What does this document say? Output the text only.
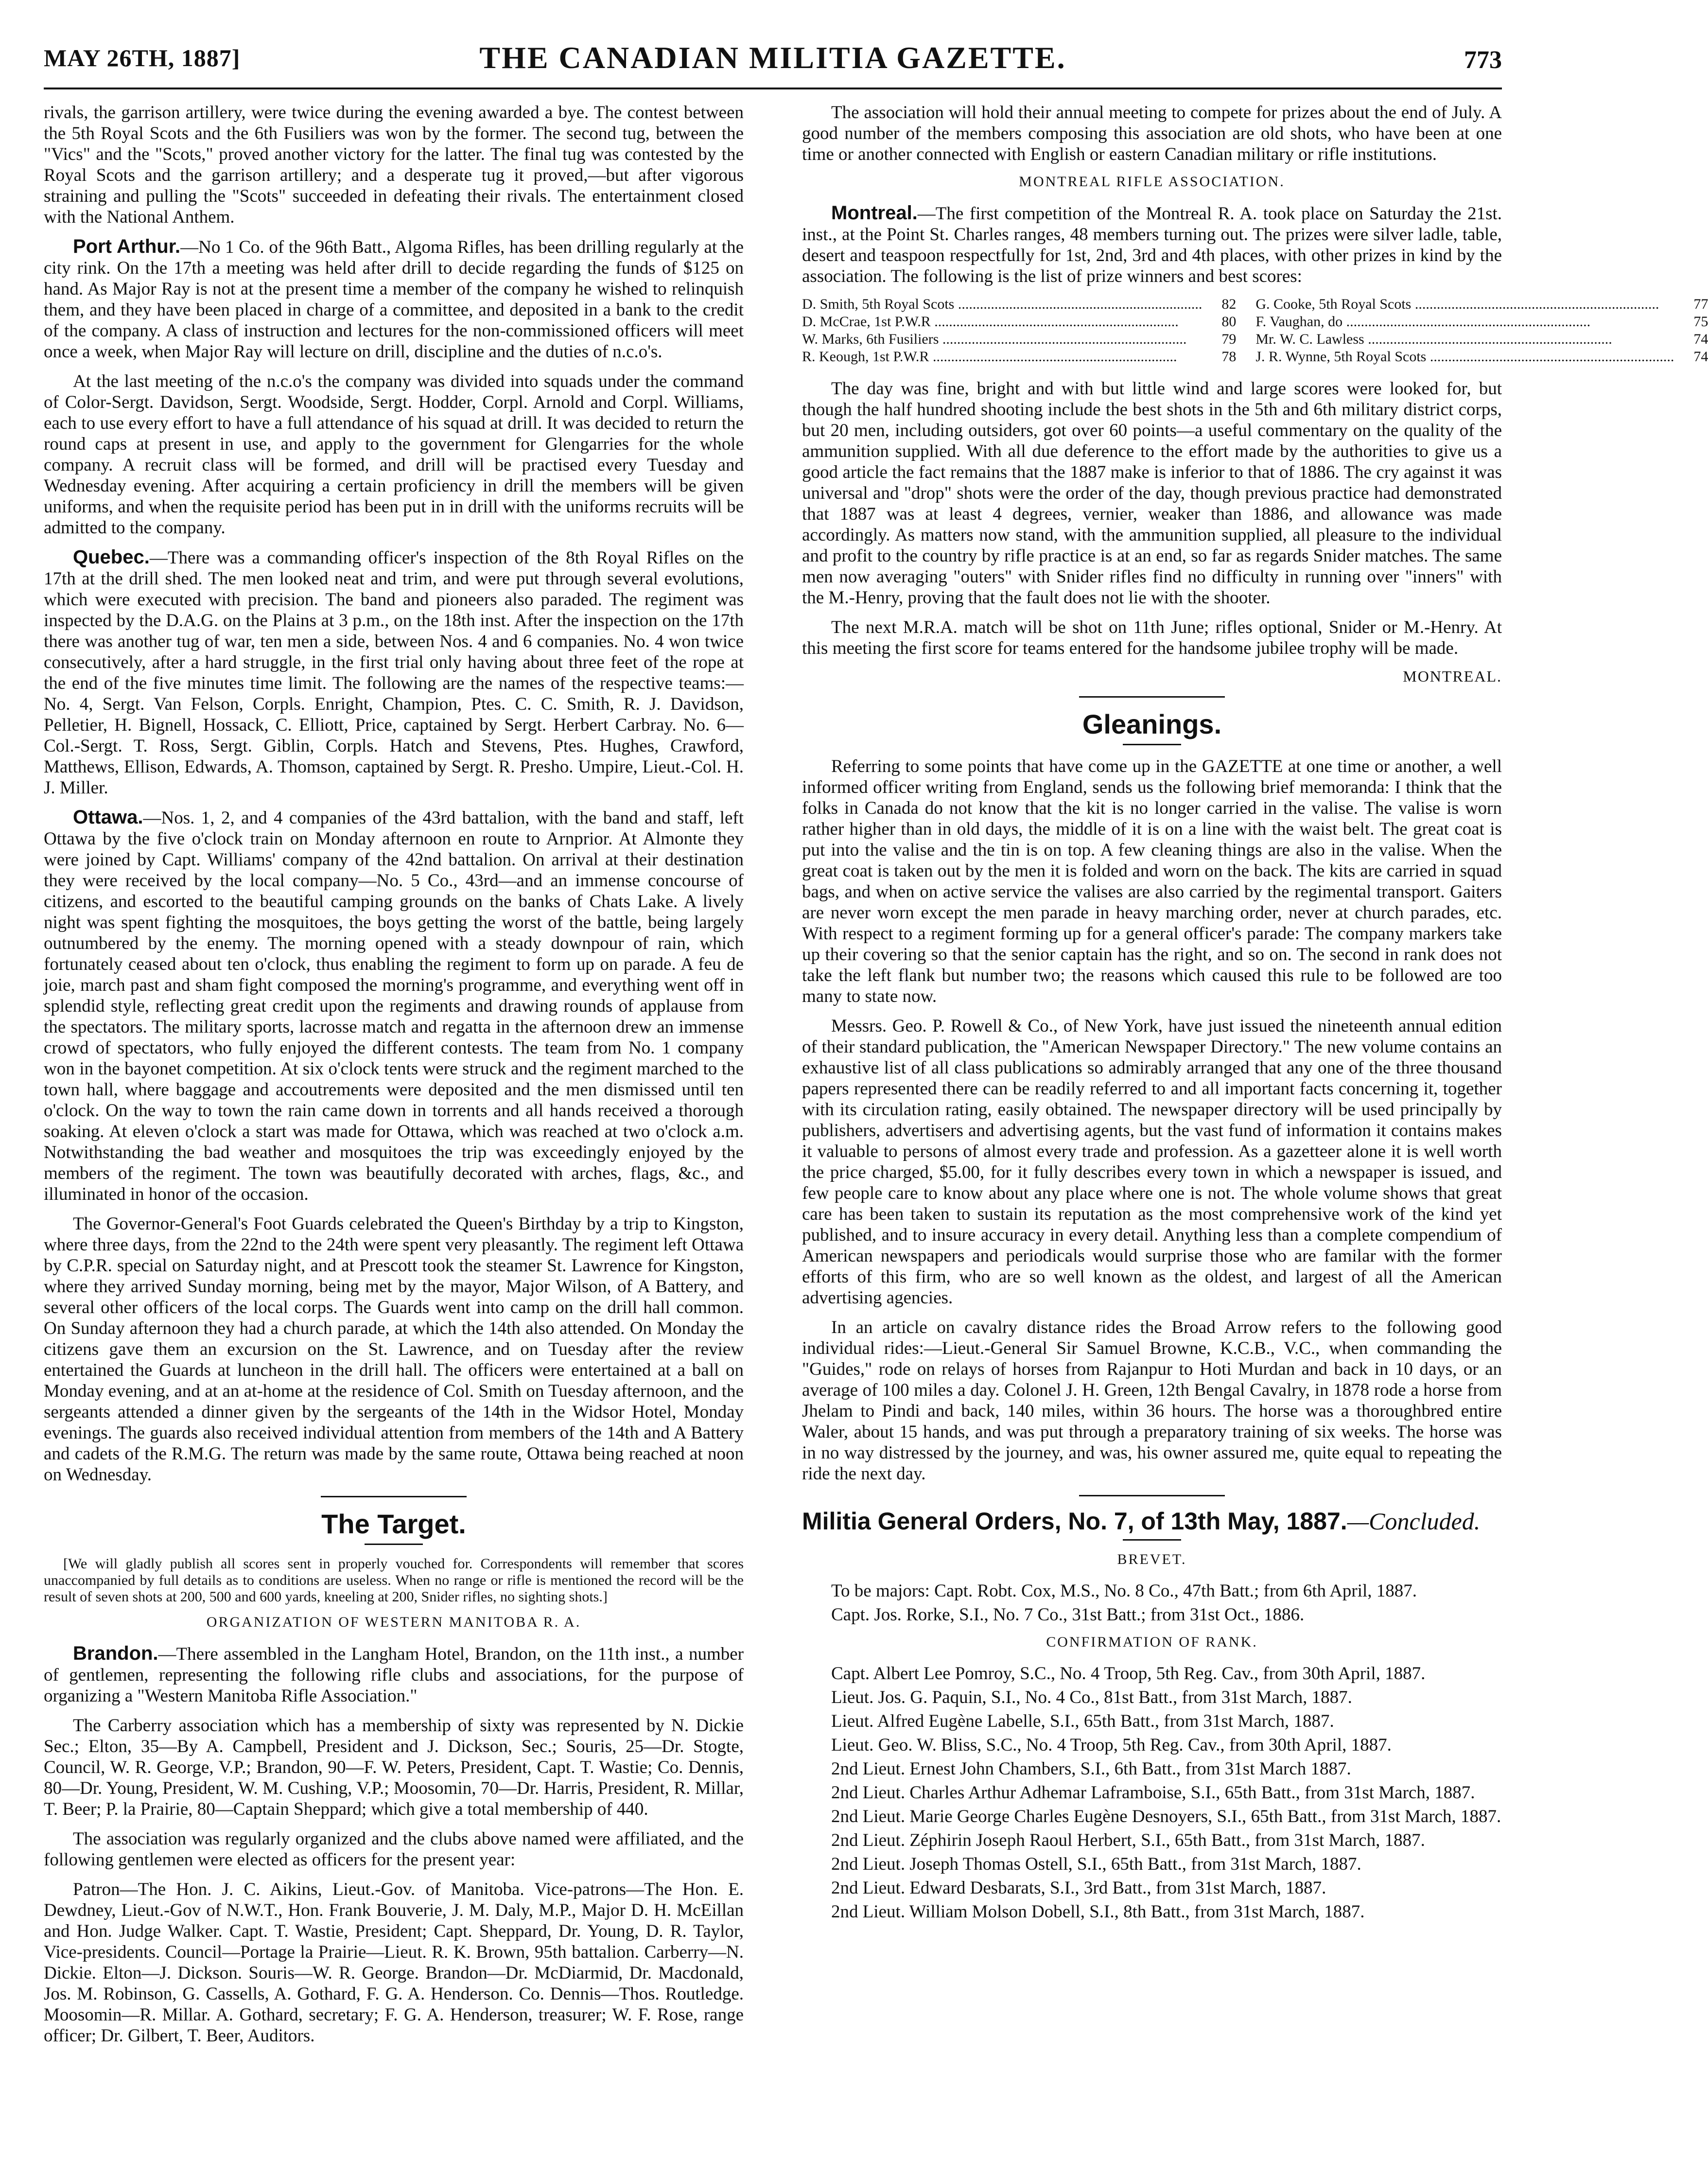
MAY 26TH, 1887]	THE CANADIAN MILITIA GAZETTE.	773

rivals, the garrison artillery, were twice during the evening awarded a bye. The contest between the 5th Royal Scots and the 6th Fusiliers was won by the former. The second tug, between the "Vics" and the "Scots," proved another victory for the latter. The final tug was contested by the Royal Scots and the garrison artillery; and a desperate tug it proved,—but after vigorous straining and pulling the "Scots" succeeded in defeating their rivals. The entertainment closed with the National Anthem.

Port Arthur.—No 1 Co. of the 96th Batt., Algoma Rifles, has been drilling regularly at the city rink. On the 17th a meeting was held after drill to decide regarding the funds of $125 on hand. As Major Ray is not at the present time a member of the company he wished to relinquish them, and they have been placed in charge of a committee, and deposited in a bank to the credit of the company. A class of instruction and lectures for the non-commissioned officers will meet once a week, when Major Ray will lecture on drill, discipline and the duties of n.c.o's.

At the last meeting of the n.c.o's the company was divided into squads under the command of Color-Sergt. Davidson, Sergt. Woodside, Sergt. Hodder, Corpl. Arnold and Corpl. Williams, each to use every effort to have a full attendance of his squad at drill. It was decided to return the round caps at present in use, and apply to the government for Glengarries for the whole company. A recruit class will be formed, and drill will be practised every Tuesday and Wednesday evening. After acquiring a certain proficiency in drill the members will be given uniforms, and when the requisite period has been put in in drill with the uniforms recruits will be admitted to the company.

Quebec.—There was a commanding officer's inspection of the 8th Royal Rifles on the 17th at the drill shed. The men looked neat and trim, and were put through several evolutions, which were executed with precision. The band and pioneers also paraded. The regiment was inspected by the D.A.G. on the Plains at 3 p.m., on the 18th inst. After the inspection on the 17th there was another tug of war, ten men a side, between Nos. 4 and 6 companies. No. 4 won twice consecutively, after a hard struggle, in the first trial only having about three feet of the rope at the end of the five minutes time limit. The following are the names of the respective teams:—No. 4, Sergt. Van Felson, Corpls. Enright, Champion, Ptes. C. C. Smith, R. J. Davidson, Pelletier, H. Bignell, Hossack, C. Elliott, Price, captained by Sergt. Herbert Carbray. No. 6—Col.-Sergt. T. Ross, Sergt. Giblin, Corpls. Hatch and Stevens, Ptes. Hughes, Crawford, Matthews, Ellison, Edwards, A. Thomson, captained by Sergt. R. Presho. Umpire, Lieut.-Col. H. J. Miller.

Ottawa.—Nos. 1, 2, and 4 companies of the 43rd battalion, with the band and staff, left Ottawa by the five o'clock train on Monday afternoon en route to Arnprior. At Almonte they were joined by Capt. Williams' company of the 42nd battalion. On arrival at their destination they were received by the local company—No. 5 Co., 43rd—and an immense concourse of citizens, and escorted to the beautiful camping grounds on the banks of Chats Lake. A lively night was spent fighting the mosquitoes, the boys getting the worst of the battle, being largely outnumbered by the enemy. The morning opened with a steady downpour of rain, which fortunately ceased about ten o'clock, thus enabling the regiment to form up on parade. A feu de joie, march past and sham fight composed the morning's programme, and everything went off in splendid style, reflecting great credit upon the regiments and drawing rounds of applause from the spectators. The military sports, lacrosse match and regatta in the afternoon drew an immense crowd of spectators, who fully enjoyed the different contests. The team from No. 1 company won in the bayonet competition. At six o'clock tents were struck and the regiment marched to the town hall, where baggage and accoutrements were deposited and the men dismissed until ten o'clock. On the way to town the rain came down in torrents and all hands received a thorough soaking. At eleven o'clock a start was made for Ottawa, which was reached at two o'clock a.m. Notwithstanding the bad weather and mosquitoes the trip was exceedingly enjoyed by the members of the regiment. The town was beautifully decorated with arches, flags, &c., and illuminated in honor of the occasion.

The Governor-General's Foot Guards celebrated the Queen's Birthday by a trip to Kingston, where three days, from the 22nd to the 24th were spent very pleasantly. The regiment left Ottawa by C.P.R. special on Saturday night, and at Prescott took the steamer St. Lawrence for Kingston, where they arrived Sunday morning, being met by the mayor, Major Wilson, of A Battery, and several other officers of the local corps. The Guards went into camp on the drill hall common. On Sunday afternoon they had a church parade, at which the 14th also attended. On Monday the citizens gave them an excursion on the St. Lawrence, and on Tuesday after the review entertained the Guards at luncheon in the drill hall. The officers were entertained at a ball on Monday evening, and at an at-home at the residence of Col. Smith on Tuesday afternoon, and the sergeants attended a dinner given by the sergeants of the 14th in the Widsor Hotel, Monday evenings. The guards also received individual attention from members of the 14th and A Battery and cadets of the R.M.G. The return was made by the same route, Ottawa being reached at noon on Wednesday.

The Target.

[We will gladly publish all scores sent in properly vouched for. Correspondents will remember that scores unaccompanied by full details as to conditions are useless. When no range or rifle is mentioned the record will be the result of seven shots at 200, 500 and 600 yards, kneeling at 200, Snider rifles, no sighting shots.]

ORGANIZATION OF WESTERN MANITOBA R. A.

Brandon.—There assembled in the Langham Hotel, Brandon, on the 11th inst., a number of gentlemen, representing the following rifle clubs and associations, for the purpose of organizing a "Western Manitoba Rifle Association."

The Carberry association which has a membership of sixty was represented by N. Dickie Sec.; Elton, 35—By A. Campbell, President and J. Dickson, Sec.; Souris, 25—Dr. Stogte, Council, W. R. George, V.P.; Brandon, 90—F. W. Peters, President, Capt. T. Wastie; Co. Dennis, 80—Dr. Young, President, W. M. Cushing, V.P.; Moosomin, 70—Dr. Harris, President, R. Millar, T. Beer; P. la Prairie, 80—Captain Sheppard; which give a total membership of 440.

The association was regularly organized and the clubs above named were affiliated, and the following gentlemen were elected as officers for the present year:

Patron—The Hon. J. C. Aikins, Lieut.-Gov. of Manitoba. Vice-patrons—The Hon. E. Dewdney, Lieut.-Gov of N.W.T., Hon. Frank Bouverie, J. M. Daly, M.P., Major D. H. McEillan and Hon. Judge Walker. Capt. T. Wastie, President; Capt. Sheppard, Dr. Young, D. R. Taylor, Vice-presidents. Council—Portage la Prairie—Lieut. R. K. Brown, 95th battalion. Carberry—N. Dickie. Elton—J. Dickson. Souris—W. R. George. Brandon—Dr. McDiarmid, Dr. Macdonald, Jos. M. Robinson, G. Cassells, A. Gothard, F. G. A. Henderson. Co. Dennis—Thos. Routledge. Moosomin—R. Millar. A. Gothard, secretary; F. G. A. Henderson, treasurer; W. F. Rose, range officer; Dr. Gilbert, T. Beer, Auditors.

The association will hold their annual meeting to compete for prizes about the end of July. A good number of the members composing this association are old shots, who have been at one time or another connected with English or eastern Canadian military or rifle institutions.

MONTREAL RIFLE ASSOCIATION.

Montreal.—The first competition of the Montreal R. A. took place on Saturday the 21st. inst., at the Point St. Charles ranges, 48 members turning out. The prizes were silver ladle, table, desert and teaspoon respectfully for 1st, 2nd, 3rd and 4th places, with other prizes in kind by the association. The following is the list of prize winners and best scores:

D. Smith, 5th Royal Scots .....	82
D. McCrae, 1st P.W.R .....	80
W. Marks, 6th Fusiliers .....	79
R. Keough, 1st P.W.R .....	78
G. Cooke, 5th Royal Scots .....	77
F. Vaughan, do .....	75
Mr. W. C. Lawless .....	74
J. R. Wynne, 5th Royal Scots .....	74

The day was fine, bright and with but little wind and large scores were looked for, but though the half hundred shooting include the best shots in the 5th and 6th military district corps, but 20 men, including outsiders, got over 60 points—a useful commentary on the quality of the ammunition supplied. With all due deference to the effort made by the authorities to give us a good article the fact remains that the 1887 make is inferior to that of 1886. The cry against it was universal and "drop" shots were the order of the day, though previous practice had demonstrated that 1887 was at least 4 degrees, vernier, weaker than 1886, and allowance was made accordingly. As matters now stand, with the ammunition supplied, all pleasure to the individual and profit to the country by rifle practice is at an end, so far as regards Snider matches. The same men now averaging "outers" with Snider rifles find no difficulty in running over "inners" with the M.-Henry, proving that the fault does not lie with the shooter.

The next M.R.A. match will be shot on 11th June; rifles optional, Snider or M.-Henry. At this meeting the first score for teams entered for the handsome jubilee trophy will be made.

MONTREAL.
Gleanings.

Referring to some points that have come up in the GAZETTE at one time or another, a well informed officer writing from England, sends us the following brief memoranda: I think that the folks in Canada do not know that the kit is no longer carried in the valise. The valise is worn rather higher than in old days, the middle of it is on a line with the waist belt. The great coat is put into the valise and the tin is on top. A few cleaning things are also in the valise. When the great coat is taken out by the men it is folded and worn on the back. The kits are carried in squad bags, and when on active service the valises are also carried by the regimental transport. Gaiters are never worn except the men parade in heavy marching order, never at church parades, etc. With respect to a regiment forming up for a general officer's parade: The company markers take up their covering so that the senior captain has the right, and so on. The second in rank does not take the left flank but number two; the reasons which caused this rule to be followed are too many to state now.

Messrs. Geo. P. Rowell & Co., of New York, have just issued the nineteenth annual edition of their standard publication, the "American Newspaper Directory." The new volume contains an exhaustive list of all class publications so admirably arranged that any one of the three thousand papers represented there can be readily referred to and all important facts concerning it, together with its circulation rating, easily obtained. The newspaper directory will be used principally by publishers, advertisers and advertising agents, but the vast fund of information it contains makes it valuable to persons of almost every trade and profession. As a gazetteer alone it is well worth the price charged, $5.00, for it fully describes every town in which a newspaper is issued, and few people care to know about any place where one is not. The whole volume shows that great care has been taken to sustain its reputation as the most comprehensive work of the kind yet published, and to insure accuracy in every detail. Anything less than a complete compendium of American newspapers and periodicals would surprise those who are familar with the former efforts of this firm, who are so well known as the oldest, and largest of all the American advertising agencies.

In an article on cavalry distance rides the Broad Arrow refers to the following good individual rides:—Lieut.-General Sir Samuel Browne, K.C.B., V.C., when commanding the "Guides," rode on relays of horses from Rajanpur to Hoti Murdan and back in 10 days, or an average of 100 miles a day. Colonel J. H. Green, 12th Bengal Cavalry, in 1878 rode a horse from Jhelam to Pindi and back, 140 miles, within 36 hours. The horse was a thoroughbred entire Waler, about 15 hands, and was put through a preparatory training of six weeks. The horse was in no way distressed by the journey, and was, his owner assured me, quite equal to repeating the ride the next day.

Militia General Orders, No. 7, of 13th May, 1887.—Concluded.
BREVET.
To be majors: Capt. Robt. Cox, M.S., No. 8 Co., 47th Batt.; from 6th April, 1887.
Capt. Jos. Rorke, S.I., No. 7 Co., 31st Batt.; from 31st Oct., 1886.
CONFIRMATION OF RANK.
Capt. Albert Lee Pomroy, S.C., No. 4 Troop, 5th Reg. Cav., from 30th April, 1887.
Lieut. Jos. G. Paquin, S.I., No. 4 Co., 81st Batt., from 31st March, 1887.
Lieut. Alfred Eugène Labelle, S.I., 65th Batt., from 31st March, 1887.
Lieut. Geo. W. Bliss, S.C., No. 4 Troop, 5th Reg. Cav., from 30th April, 1887.
2nd Lieut. Ernest John Chambers, S.I., 6th Batt., from 31st March 1887.
2nd Lieut. Charles Arthur Adhemar Laframboise, S.I., 65th Batt., from 31st March, 1887.
2nd Lieut. Marie George Charles Eugène Desnoyers, S.I., 65th Batt., from 31st March, 1887.
2nd Lieut. Zéphirin Joseph Raoul Herbert, S.I., 65th Batt., from 31st March, 1887.
2nd Lieut. Joseph Thomas Ostell, S.I., 65th Batt., from 31st March, 1887.
2nd Lieut. Edward Desbarats, S.I., 3rd Batt., from 31st March, 1887.
2nd Lieut. William Molson Dobell, S.I., 8th Batt., from 31st March, 1887.
